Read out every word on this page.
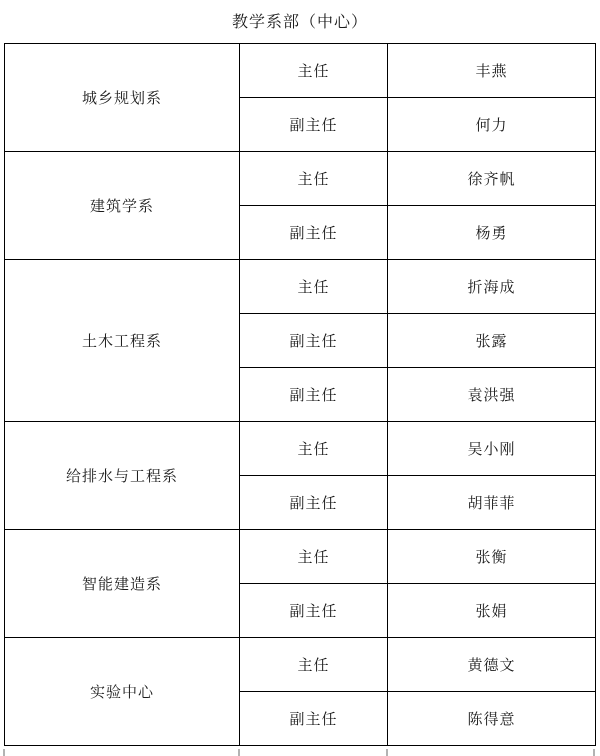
教学系部（中心）
城乡规划系	主任	丰燕
	副主任	何力
建筑学系	主任	徐齐帆
	副主任	杨勇
土木工程系	主任	折海成
	副主任	张露
	副主任	袁洪强
给排水与工程系	主任	吴小刚
	副主任	胡菲菲
智能建造系	主任	张衡
	副主任	张娟
实验中心	主任	黄德文
	副主任	陈得意
